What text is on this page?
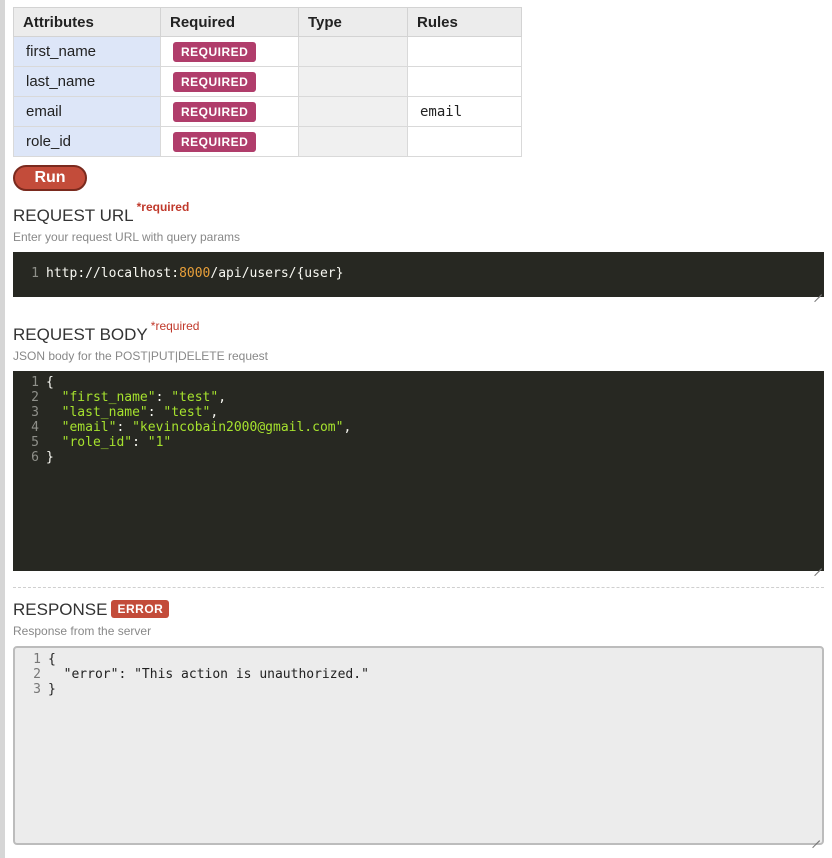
Attributes	Required	Type	Rules
first_name	REQUIRED		
last_name	REQUIRED		
email	REQUIRED		email
role_id	REQUIRED		
Run
REQUEST URL $^{*required}$
Enter your request URL with query params
1 http://localhost:8000/api/users/{user}
REQUEST BODY $^{*required}$
JSON body for the POST|PUT|DELETE request
1 {
2 "first_name": "test",
3 "last_name": "test",
4 "email": "kevincobain2000@gmail.com",
5 "role_id": "1"
6 }
RESPONSE ERROR
Response from the server
1 {
2  "error": "This action is unauthorized."
3 }
